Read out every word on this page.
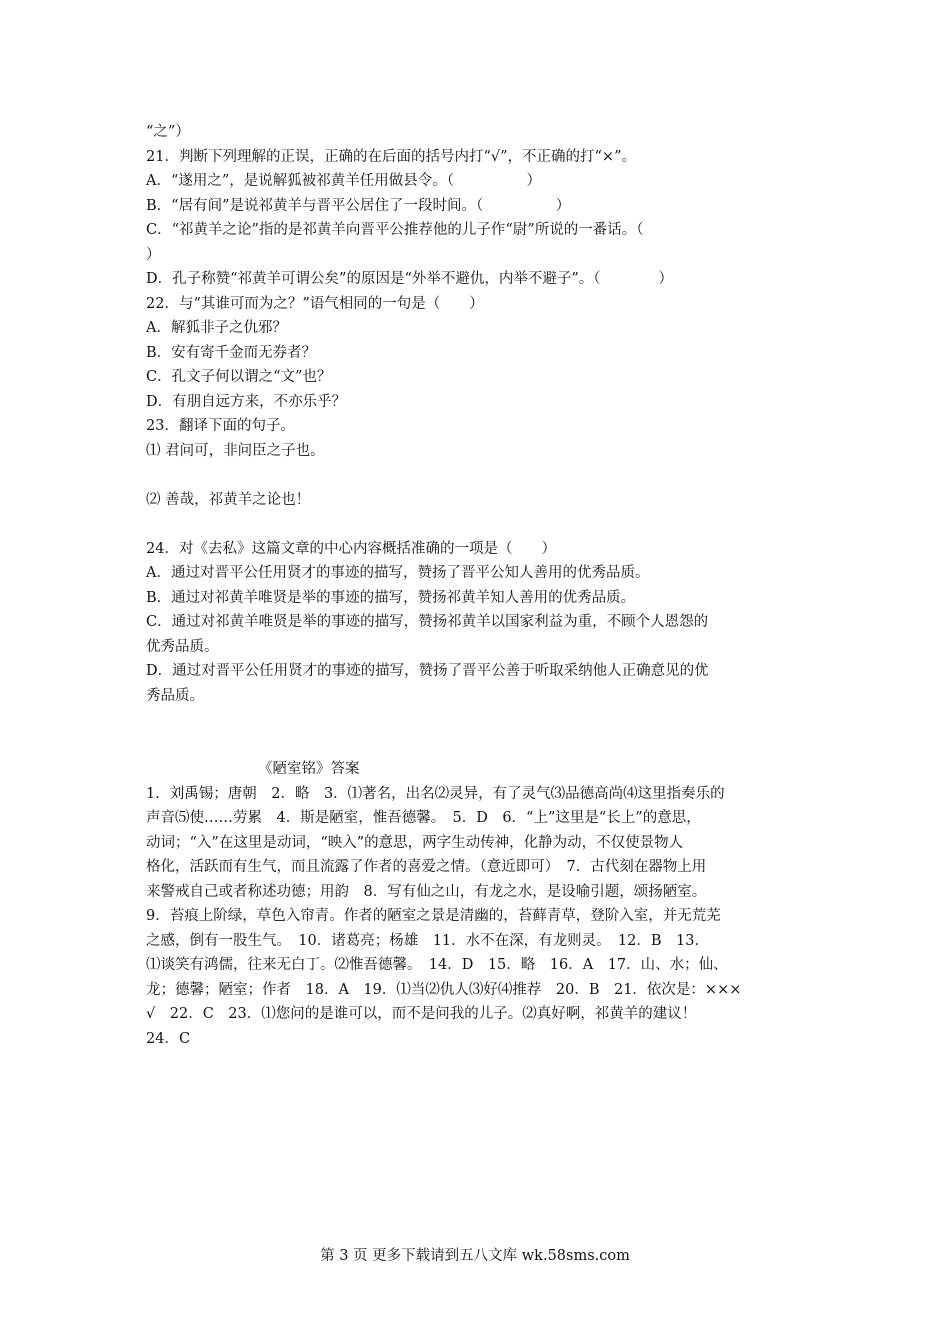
“之”）
21．判断下列理解的正误，正确的在后面的括号内打“√”，不正确的打“×”。
A．“遂用之”，是说解狐被祁黄羊任用做县令。（　　　　　）
B．“居有间”是说祁黄羊与晋平公居住了一段时间。（　　　　　）
C．“祁黄羊之论”指的是祁黄羊向晋平公推荐他的儿子作“尉”所说的一番话。（
）
D．孔子称赞“祁黄羊可谓公矣”的原因是“外举不避仇，内举不避子”。（　　　　）
22．与“其谁可而为之？”语气相同的一句是（　　）
A．解狐非子之仇邪？
B．安有寄千金而无券者？
C．孔文子何以谓之“文”也？
D．有朋自远方来，不亦乐乎？
23．翻译下面的句子。
⑴ 君问可，非问臣之子也。
⑵ 善哉，祁黄羊之论也！
24．对《去私》这篇文章的中心内容概括准确的一项是（　　）
A．通过对晋平公任用贤才的事迹的描写，赞扬了晋平公知人善用的优秀品质。
B．通过对祁黄羊唯贤是举的事迹的描写，赞扬祁黄羊知人善用的优秀品质。
C．通过对祁黄羊唯贤是举的事迹的描写，赞扬祁黄羊以国家利益为重，不顾个人恩怨的
优秀品质。
D．通过对晋平公任用贤才的事迹的描写，赞扬了晋平公善于听取采纳他人正确意见的优
秀品质。
《陋室铭》答案
1．刘禹锡；唐朝　2．略　3．⑴著名，出名⑵灵异，有了灵气⑶品德高尚⑷这里指奏乐的
声音⑸使……劳累　4．斯是陋室，惟吾德馨。　5．D　6．“上”这里是“长上”的意思，
动词；“入”在这里是动词，“映入”的意思，两字生动传神，化静为动，不仅使景物人
格化，活跃而有生气，而且流露了作者的喜爱之情。（意近即可）　7．古代刻在器物上用
来警戒自己或者称述功德；用韵　8．写有仙之山，有龙之水，是设喻引题，颂扬陋室。
9．苔痕上阶绿，草色入帘青。作者的陋室之景是清幽的，苔藓青草，登阶入室，并无荒芜
之感，倒有一股生气。　10．诸葛亮；杨雄　11．水不在深，有龙则灵。　12．B　13．
⑴谈笑有鸿儒，往来无白丁。⑵惟吾德馨。　14．D　15．略　16．A　17．山、水；仙、
龙；德馨；陋室；作者　18．A　19．⑴当⑵仇人⑶好⑷推荐　20．B　21．依次是：×××
√　22．C　23．⑴您问的是谁可以，而不是问我的儿子。⑵真好啊，祁黄羊的建议！
24．C
第 3 页 更多下载请到五八文库 wk.58sms.com
